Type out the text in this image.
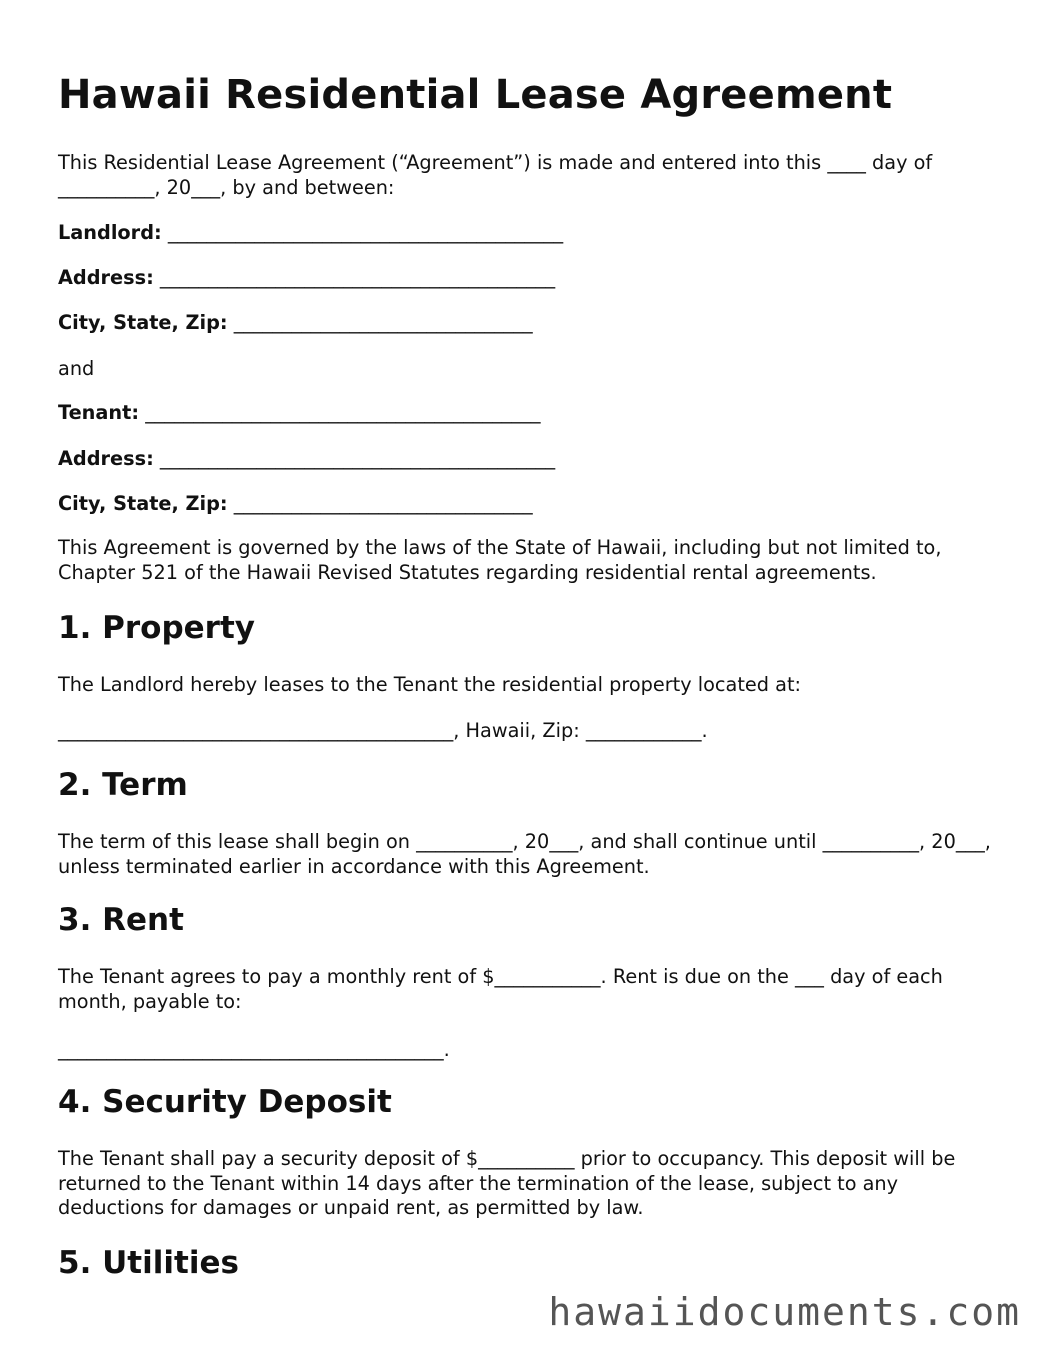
Hawaii Residential Lease Agreement

This Residential Lease Agreement (“Agreement”) is made and entered into this ____ day of __________, 20___, by and between:

Landlord: _________________________________________

Address: _________________________________________

City, State, Zip: _______________________________

and

Tenant: _________________________________________

Address: _________________________________________

City, State, Zip: _______________________________

This Agreement is governed by the laws of the State of Hawaii, including but not limited to, Chapter 521 of the Hawaii Revised Statutes regarding residential rental agreements.

1. Property

The Landlord hereby leases to the Tenant the residential property located at:

_________________________________________, Hawaii, Zip: ____________.

2. Term

The term of this lease shall begin on __________, 20___, and shall continue until __________, 20___, unless terminated earlier in accordance with this Agreement.

3. Rent

The Tenant agrees to pay a monthly rent of $___________. Rent is due on the ___ day of each month, payable to:

________________________________________.

4. Security Deposit

The Tenant shall pay a security deposit of $__________ prior to occupancy. This deposit will be returned to the Tenant within 14 days after the termination of the lease, subject to any deductions for damages or unpaid rent, as permitted by law.

5. Utilities
hawaiidocuments.com
